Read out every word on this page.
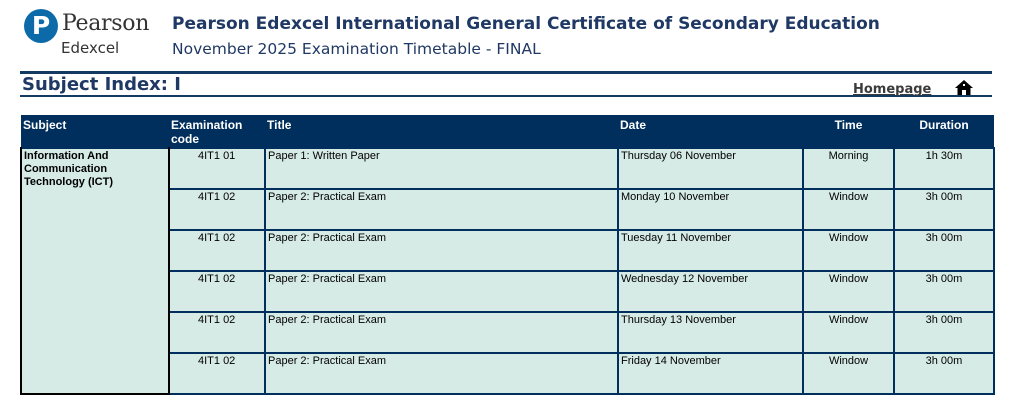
P Pearson
Edexcel
Pearson Edexcel International General Certificate of Secondary Education
November 2025 Examination Timetable - FINAL
Subject Index: I	Homepage
Subject	Examination code	Title	Date	Time	Duration
Information And Communication Technology (ICT)	4IT1 01	Paper 1: Written Paper	Thursday 06 November	Morning	1h 30m
	4IT1 02	Paper 2: Practical Exam	Monday 10 November	Window	3h 00m
	4IT1 02	Paper 2: Practical Exam	Tuesday 11 November	Window	3h 00m
	4IT1 02	Paper 2: Practical Exam	Wednesday 12 November	Window	3h 00m
	4IT1 02	Paper 2: Practical Exam	Thursday 13 November	Window	3h 00m
	4IT1 02	Paper 2: Practical Exam	Friday 14 November	Window	3h 00m
